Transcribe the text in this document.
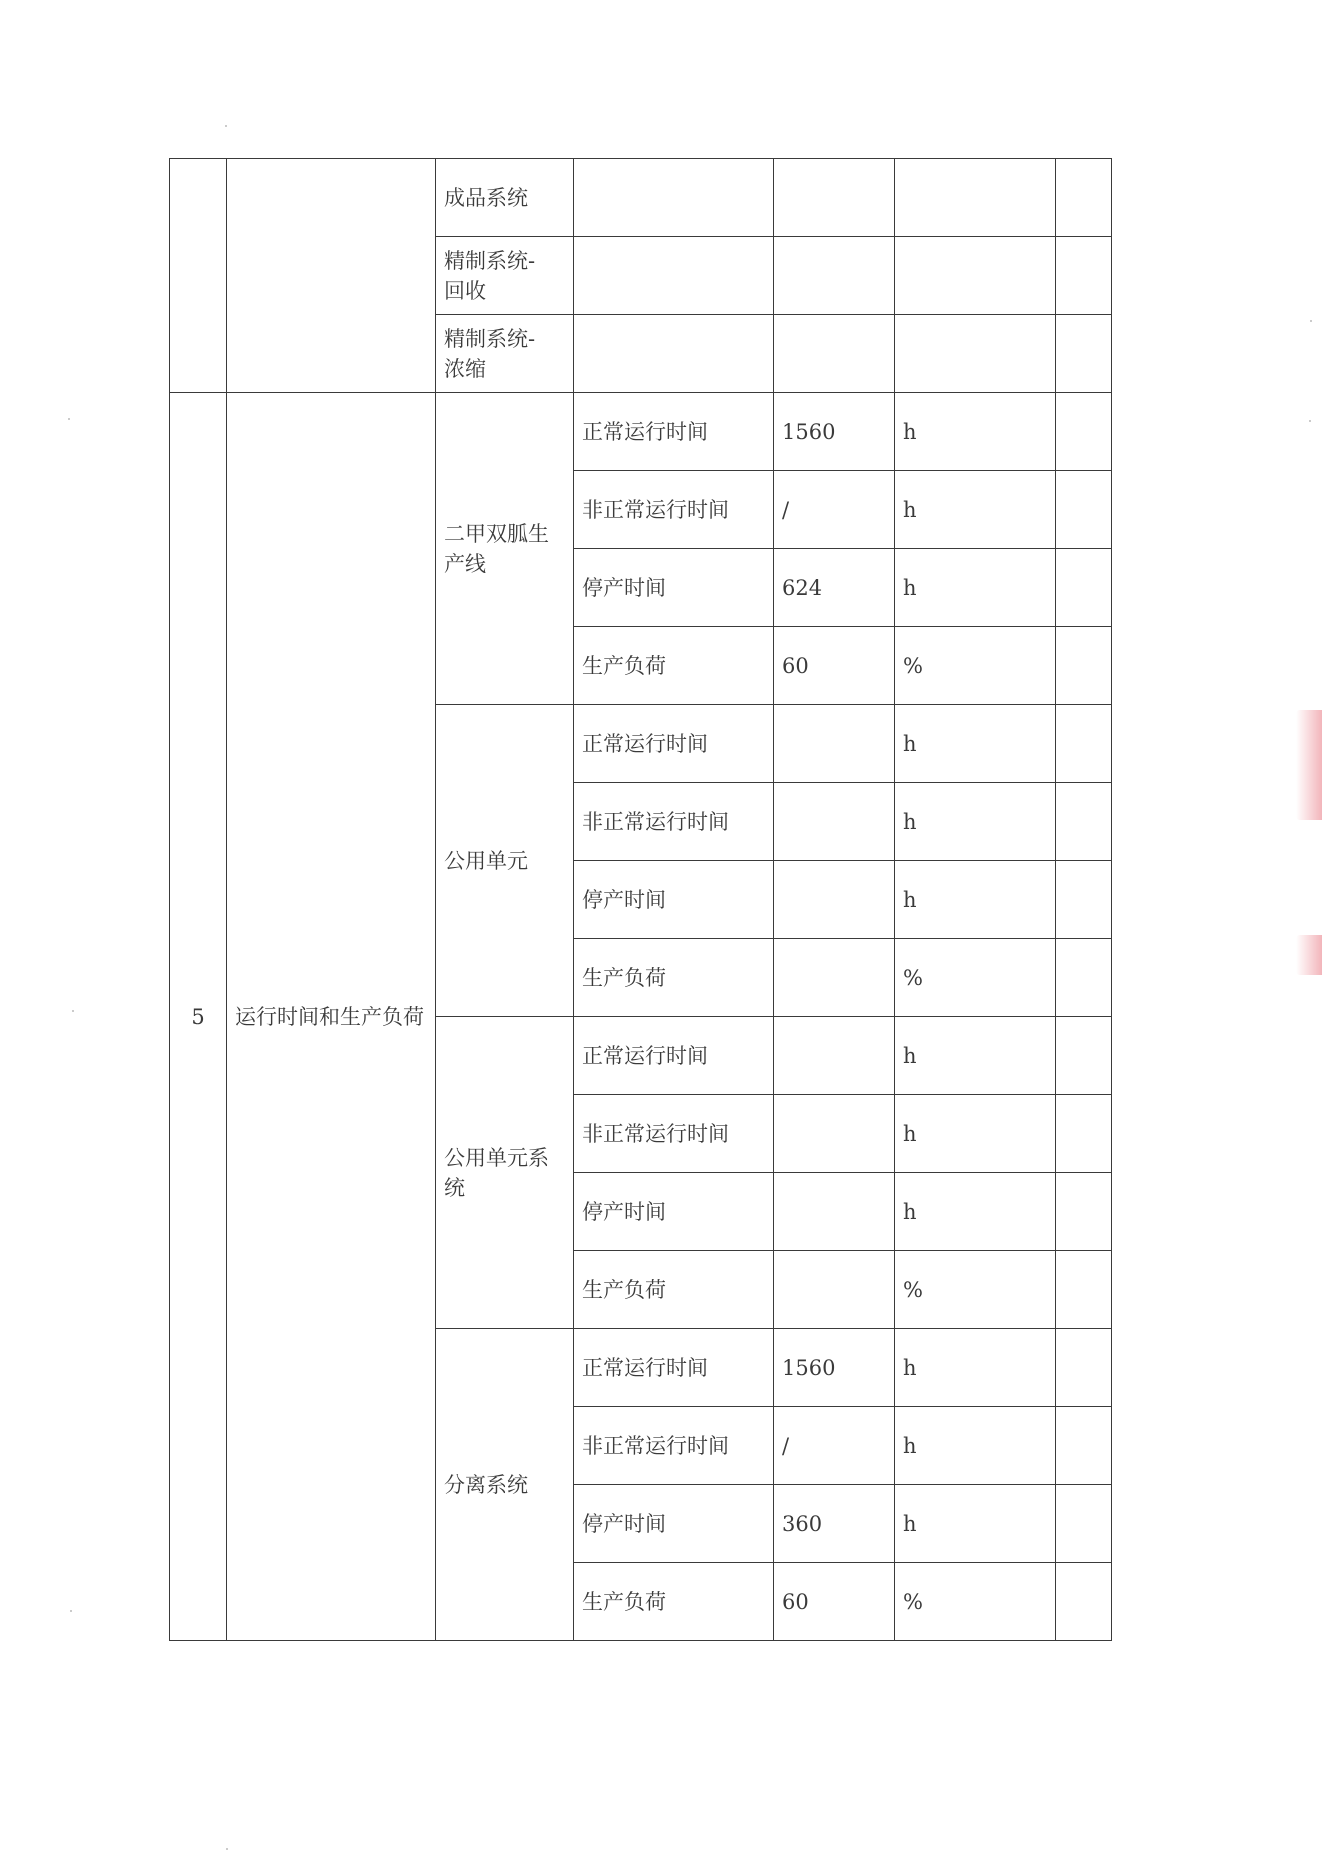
		成品系统				
		精制系统-
回收				
		精制系统-
浓缩				
5	运行时间和生产负荷	二甲双胍生产线	正常运行时间	1560	h	
			非正常运行时间	/	h	
			停产时间	624	h	
			生产负荷	60	%	
		公用单元	正常运行时间		h	
			非正常运行时间		h	
			停产时间		h	
			生产负荷		%	
		公用单元系统	正常运行时间		h	
			非正常运行时间		h	
			停产时间		h	
			生产负荷		%	
		分离系统	正常运行时间	1560	h	
			非正常运行时间	/	h	
			停产时间	360	h	
			生产负荷	60	%	
